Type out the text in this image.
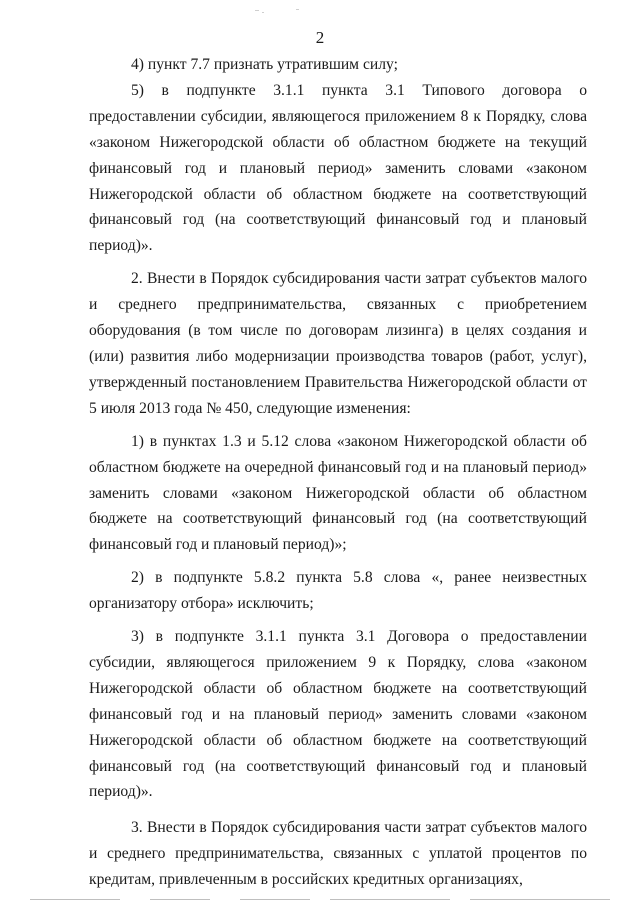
2

4) пункт 7.7 признать утратившим силу;

5) в подпункте 3.1.1 пункта 3.1 Типового договора о предоставлении субсидии, являющегося приложением 8 к Порядку, слова «законом Нижегородской области об областном бюджете на текущий финансовый год и плановый период» заменить словами «законом Нижегородской области об областном бюджете на соответствующий финансовый год (на соответствующий финансовый год и плановый период)».

2. Внести в Порядок субсидирования части затрат субъектов малого и среднего предпринимательства, связанных с приобретением оборудования (в том числе по договорам лизинга) в целях создания и (или) развития либо модернизации производства товаров (работ, услуг), утвержденный постановлением Правительства Нижегородской области от 5 июля 2013 года № 450, следующие изменения:

1) в пунктах 1.3 и 5.12 слова «законом Нижегородской области об областном бюджете на очередной финансовый год и на плановый период» заменить словами «законом Нижегородской области об областном бюджете на соответствующий финансовый год (на соответствующий финансовый год и плановый период)»;

2) в подпункте 5.8.2 пункта 5.8 слова «, ранее неизвестных организатору отбора» исключить;

3) в подпункте 3.1.1 пункта 3.1 Договора о предоставлении субсидии, являющегося приложением 9 к Порядку, слова «законом Нижегородской области об областном бюджете на соответствующий финансовый год и на плановый период» заменить словами «законом Нижегородской области об областном бюджете на соответствующий финансовый год (на соответствующий финансовый год и плановый период)».

3. Внести в Порядок субсидирования части затрат субъектов малого и среднего предпринимательства, связанных с уплатой процентов по кредитам, привлеченным в российских кредитных организациях,
